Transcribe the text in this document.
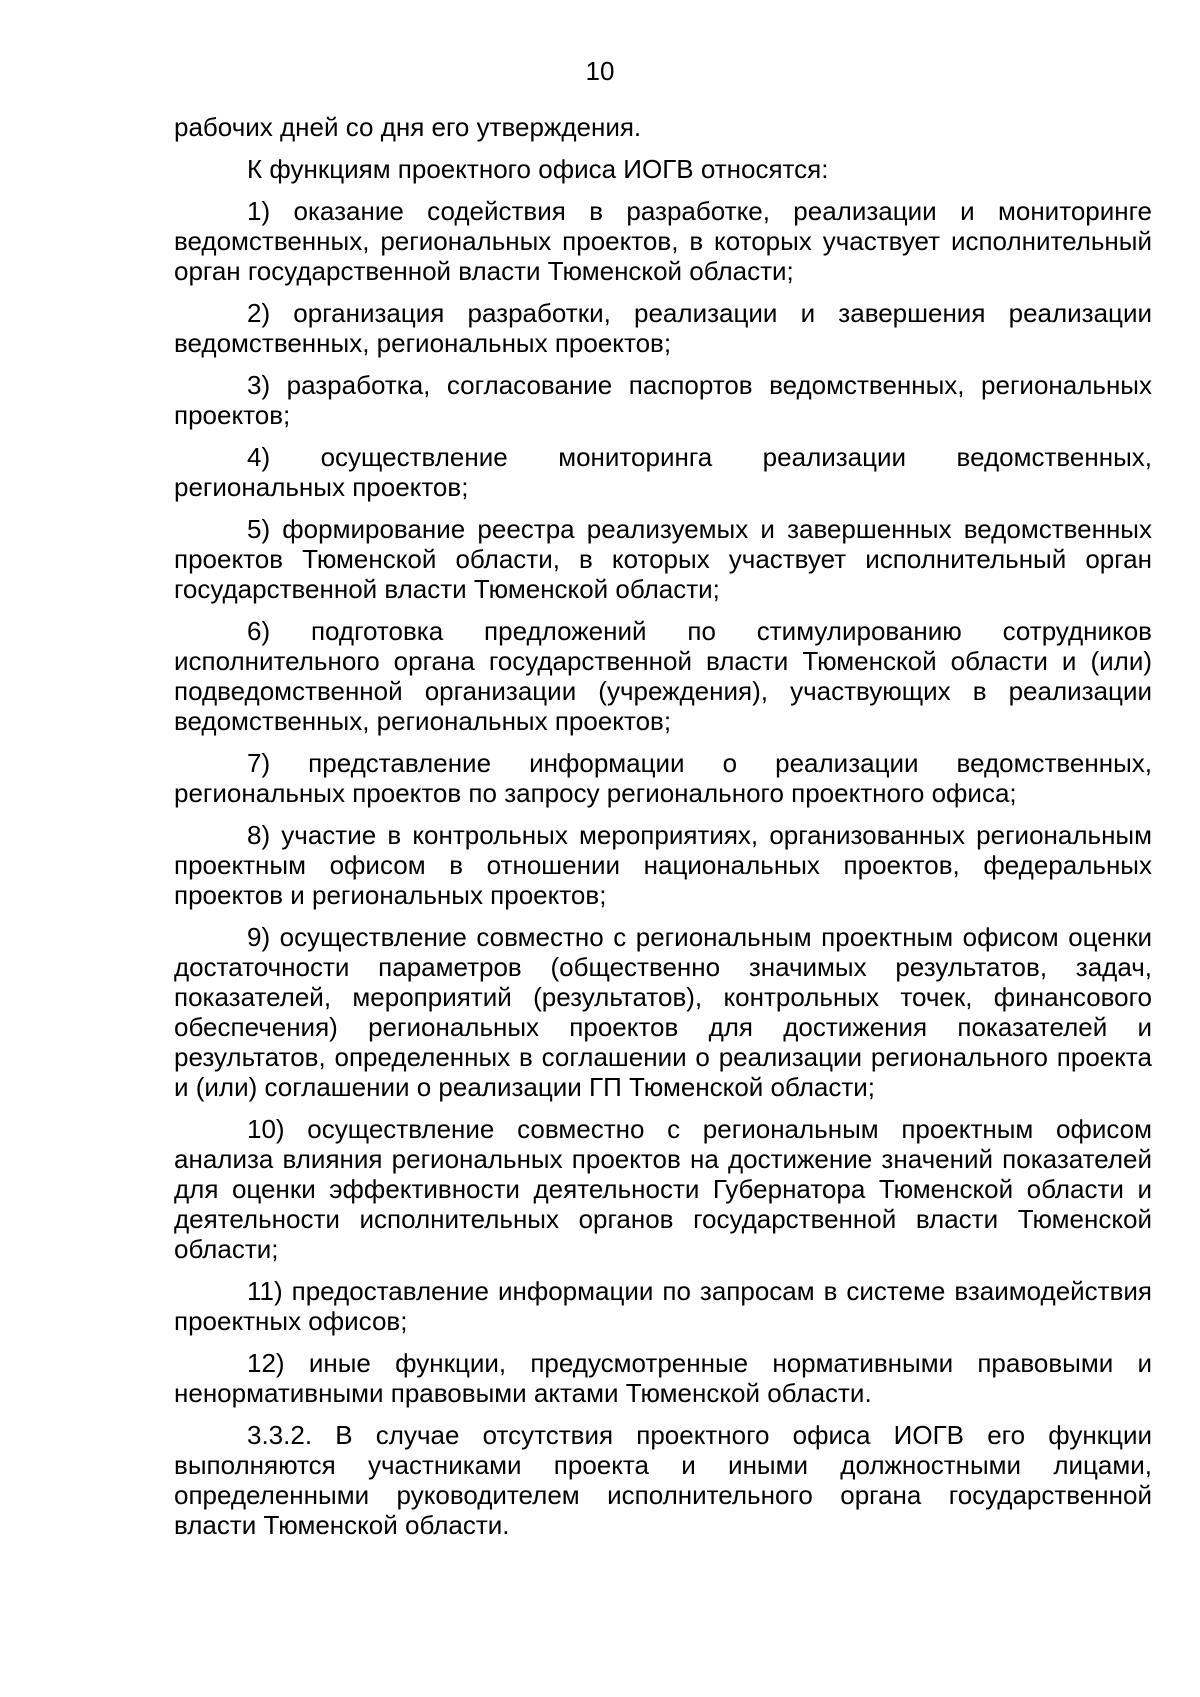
10

рабочих дней со дня его утверждения.

К функциям проектного офиса ИОГВ относятся:

1) оказание содействия в разработке, реализации и мониторинге ведомственных, региональных проектов, в которых участвует исполнительный орган государственной власти Тюменской области;

2) организация разработки, реализации и завершения реализации ведомственных, региональных проектов;

3) разработка, согласование паспортов ведомственных, региональных проектов;

4) осуществление мониторинга реализации ведомственных, региональных проектов;

5) формирование реестра реализуемых и завершенных ведомственных проектов Тюменской области, в которых участвует исполнительный орган государственной власти Тюменской области;

6) подготовка предложений по стимулированию сотрудников исполнительного органа государственной власти Тюменской области и (или) подведомственной организации (учреждения), участвующих в реализации ведомственных, региональных проектов;

7) представление информации о реализации ведомственных, региональных проектов по запросу регионального проектного офиса;

8) участие в контрольных мероприятиях, организованных региональным проектным офисом в отношении национальных проектов, федеральных проектов и региональных проектов;

9) осуществление совместно с региональным проектным офисом оценки достаточности параметров (общественно значимых результатов, задач, показателей, мероприятий (результатов), контрольных точек, финансового обеспечения) региональных проектов для достижения показателей и результатов, определенных в соглашении о реализации регионального проекта и (или) соглашении о реализации ГП Тюменской области;

10) осуществление совместно с региональным проектным офисом анализа влияния региональных проектов на достижение значений показателей для оценки эффективности деятельности Губернатора Тюменской области и деятельности исполнительных органов государственной власти Тюменской области;

11) предоставление информации по запросам в системе взаимодействия проектных офисов;

12) иные функции, предусмотренные нормативными правовыми и ненормативными правовыми актами Тюменской области.

3.3.2. В случае отсутствия проектного офиса ИОГВ его функции выполняются участниками проекта и иными должностными лицами, определенными руководителем исполнительного органа государственной власти Тюменской области.
